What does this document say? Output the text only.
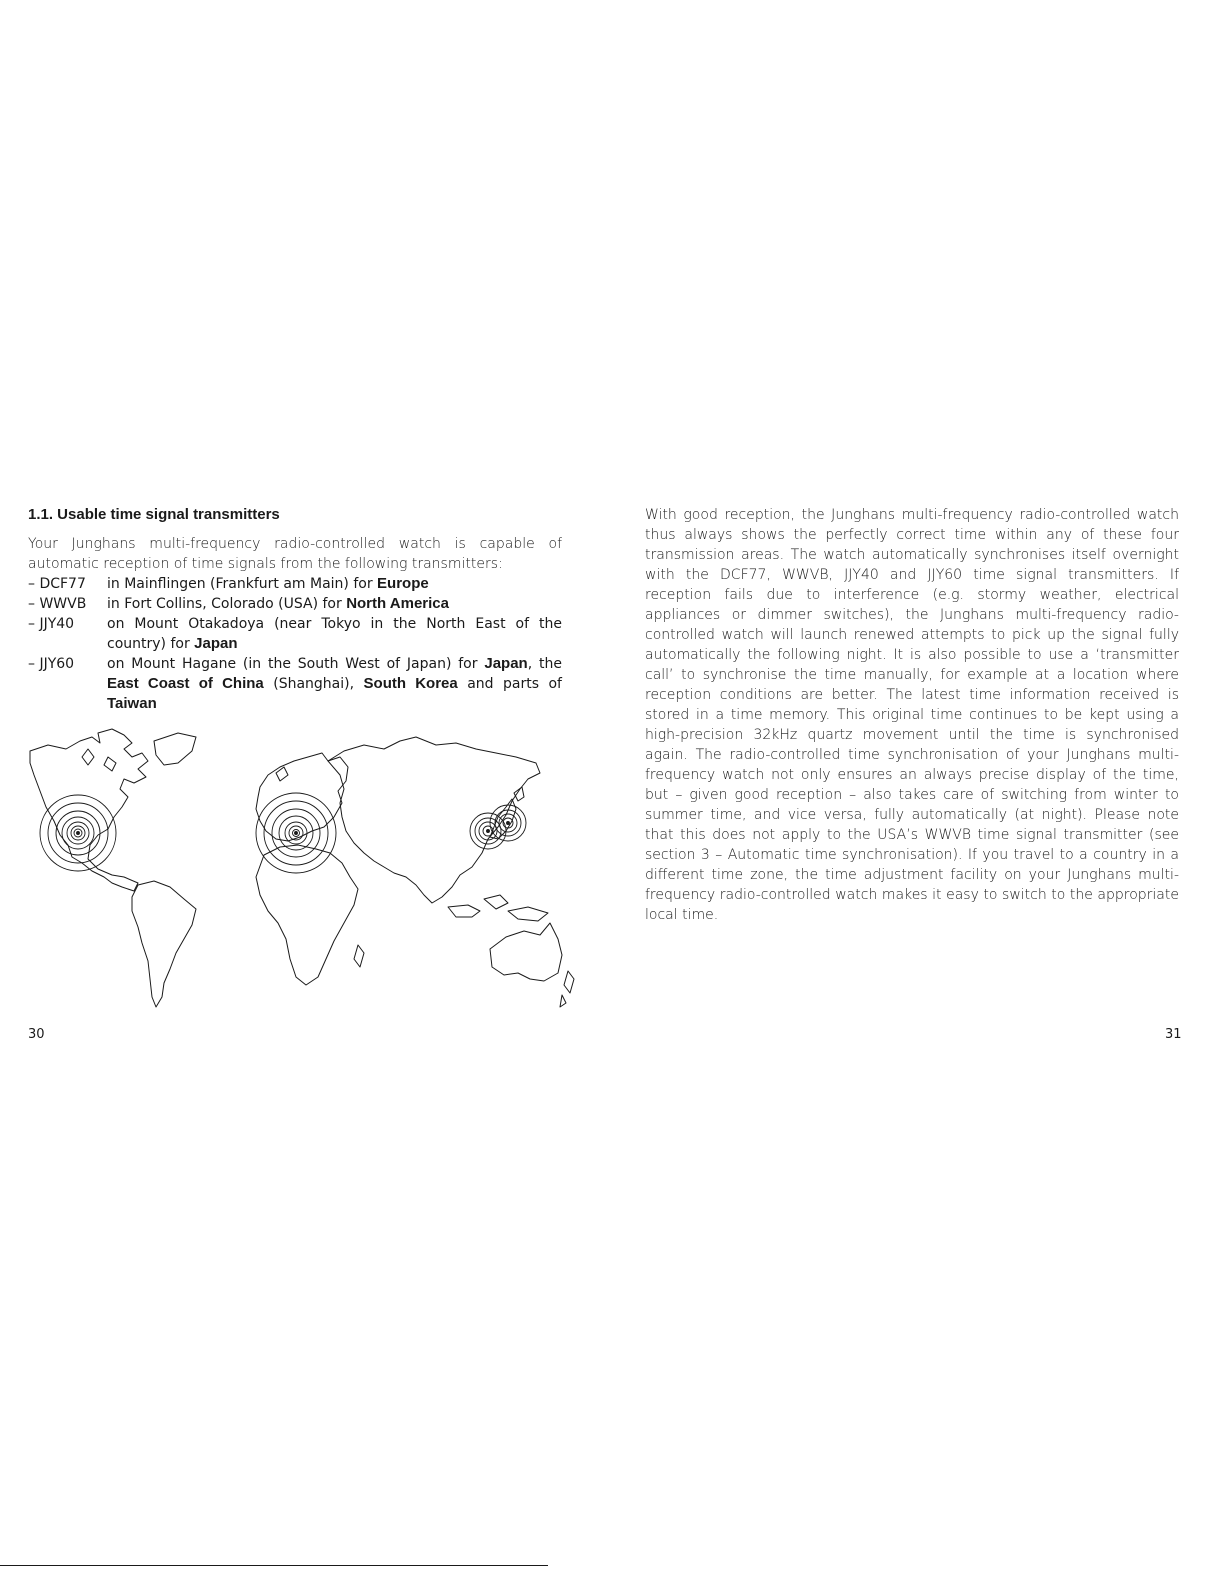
1.1. Usable time signal transmitters

Your Junghans multi-frequency radio-controlled watch is capable of automatic reception of time signals from the following transmitters:

– DCF77	in Mainflingen (Frankfurt am Main) for Europe
– WWVB	in Fort Collins, Colorado (USA) for North America
– JJY40	on Mount Otakadoya (near Tokyo in the North East of the country) for Japan
– JJY60	on Mount Hagane (in the South West of Japan) for Japan, the East Coast of China (Shanghai), South Korea and parts of Taiwan
30

With good reception, the Junghans multi-frequency radio-controlled watch thus always shows the perfectly correct time within any of these four transmission areas. The watch automatically synchronises itself overnight with the DCF77, WWVB, JJY40 and JJY60 time signal transmitters. If reception fails due to interference (e.g. stormy weather, electrical appliances or dimmer switches), the Junghans multi-frequency radio-controlled watch will launch renewed attempts to pick up the signal fully automatically the following night. It is also possible to use a ‘transmitter call’ to synchronise the time manually, for example at a location where reception conditions are better. The latest time information received is stored in a time memory. This original time continues to be kept using a high-precision 32kHz quartz movement until the time is synchronised again. The radio-controlled time synchronisation of your Junghans multi-frequency watch not only ensures an always precise display of the time, but – given good reception – also takes care of switching from winter to summer time, and vice versa, fully automatically (at night). Please note that this does not apply to the USA’s WWVB time signal transmitter (see section 3 – Automatic time synchronisation). If you travel to a country in a different time zone, the time adjustment facility on your Junghans multi-frequency radio-controlled watch makes it easy to switch to the appropriate local time.

31
